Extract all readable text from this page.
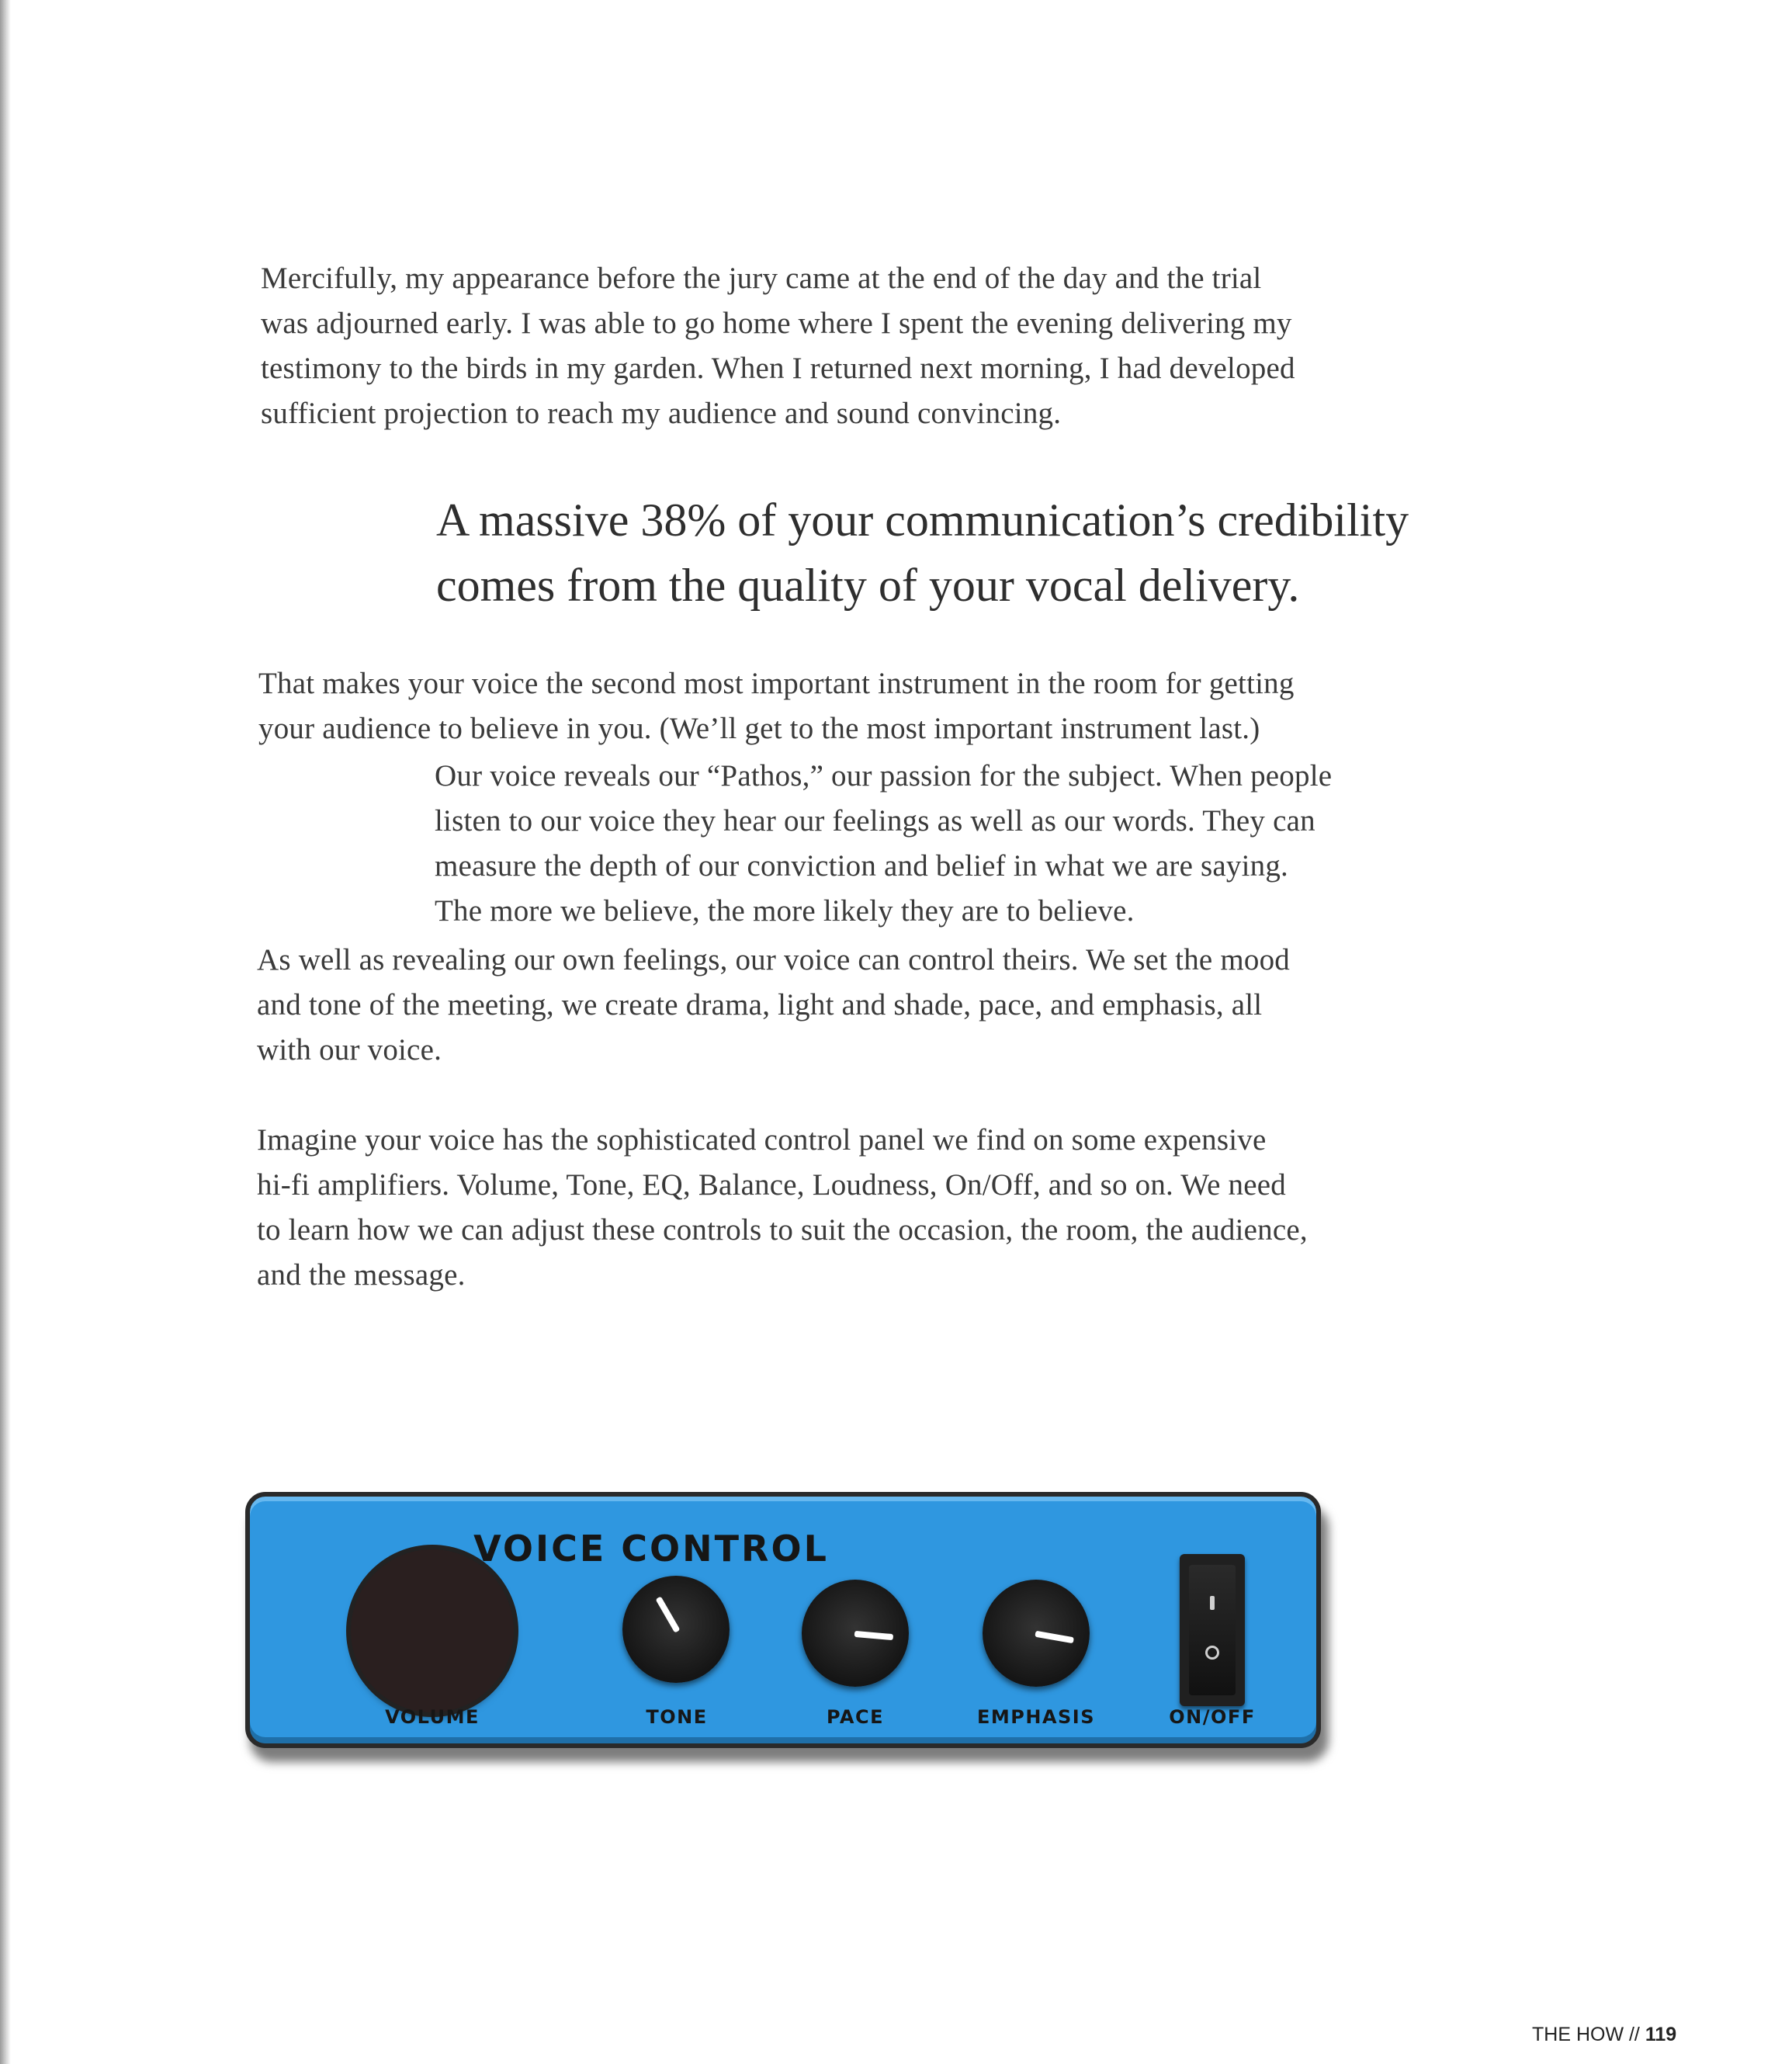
Mercifully, my appearance before the jury came at the end of the day and the trial
was adjourned early. I was able to go home where I spent the evening delivering my
testimony to the birds in my garden. When I returned next morning, I had developed
sufficient projection to reach my audience and sound convincing.

A massive 38% of your communication’s credibility
comes from the quality of your vocal delivery.

That makes your voice the second most important instrument in the room for getting
your audience to believe in you. (We’ll get to the most important instrument last.)

Our voice reveals our “Pathos,” our passion for the subject. When people
listen to our voice they hear our feelings as well as our words. They can
measure the depth of our conviction and belief in what we are saying.
The more we believe, the more likely they are to believe.

As well as revealing our own feelings, our voice can control theirs. We set the mood
and tone of the meeting, we create drama, light and shade, pace, and emphasis, all
with our voice.

Imagine your voice has the sophisticated control panel we find on some expensive
hi-fi amplifiers. Volume, Tone, EQ, Balance, Loudness, On/Off, and so on. We need
to learn how we can adjust these controls to suit the occasion, the room, the audience,
and the message.

VOICE CONTROL
VOLUME	TONE	PACE	EMPHASIS	ON/OFF
THE HOW // 119
